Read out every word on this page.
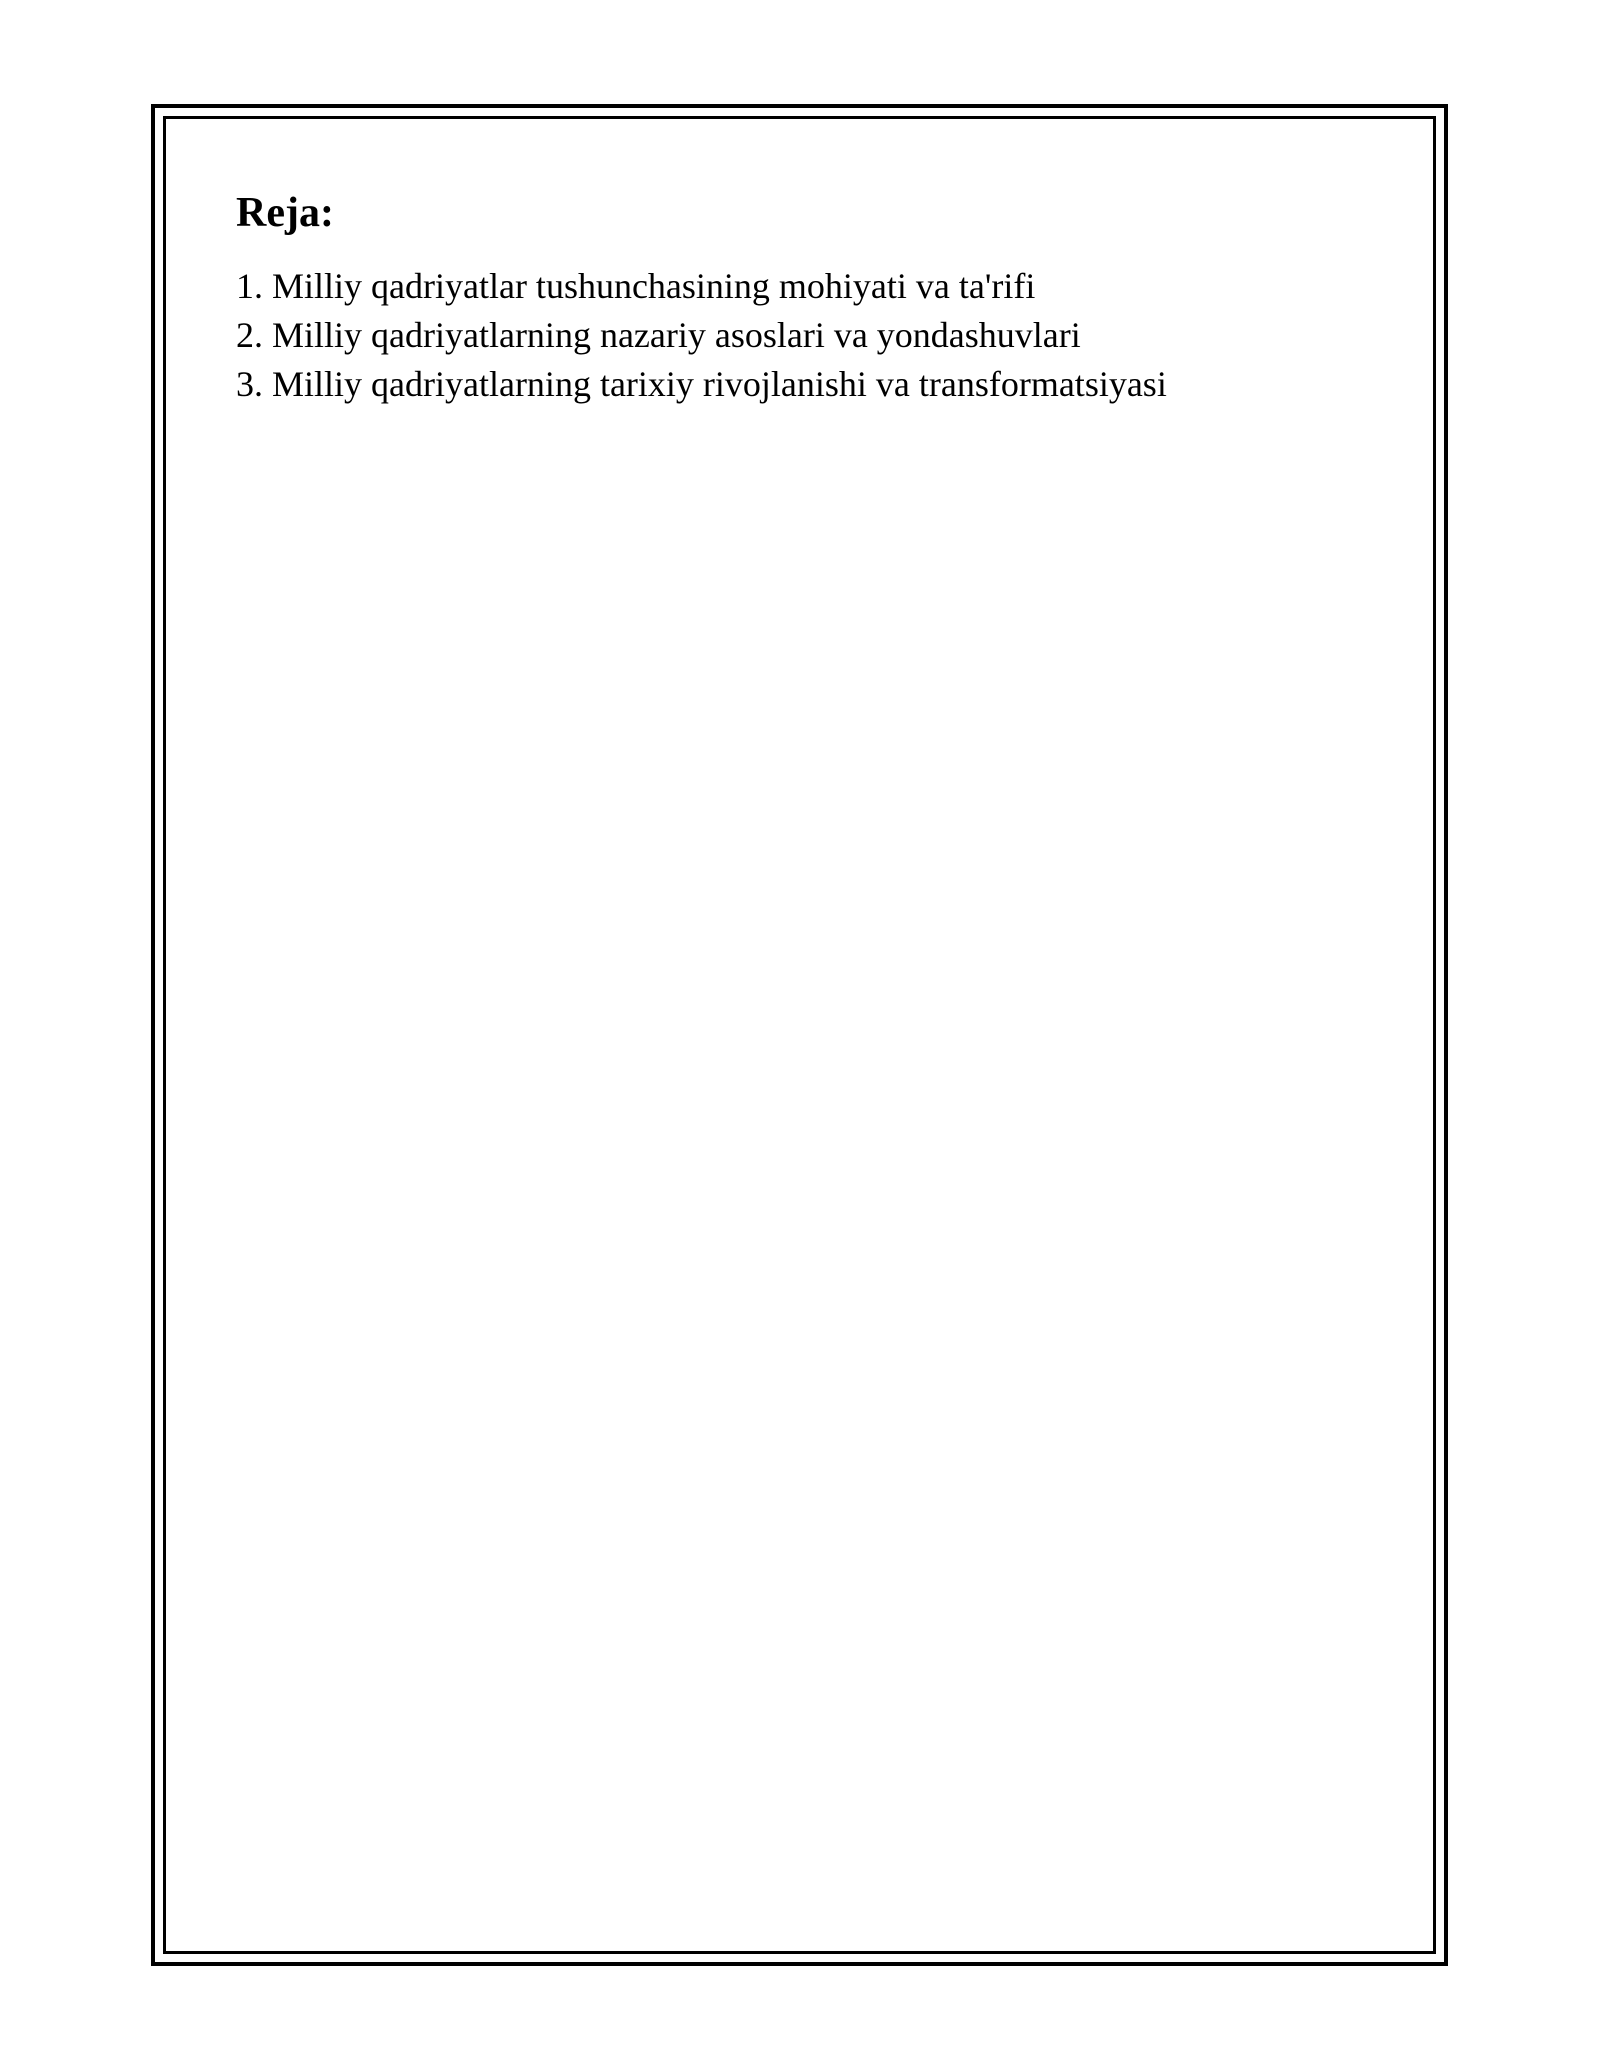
Reja:
1. Milliy qadriyatlar tushunchasining mohiyati va ta'rifi
2. Milliy qadriyatlarning nazariy asoslari va yondashuvlari
3. Milliy qadriyatlarning tarixiy rivojlanishi va transformatsiyasi
